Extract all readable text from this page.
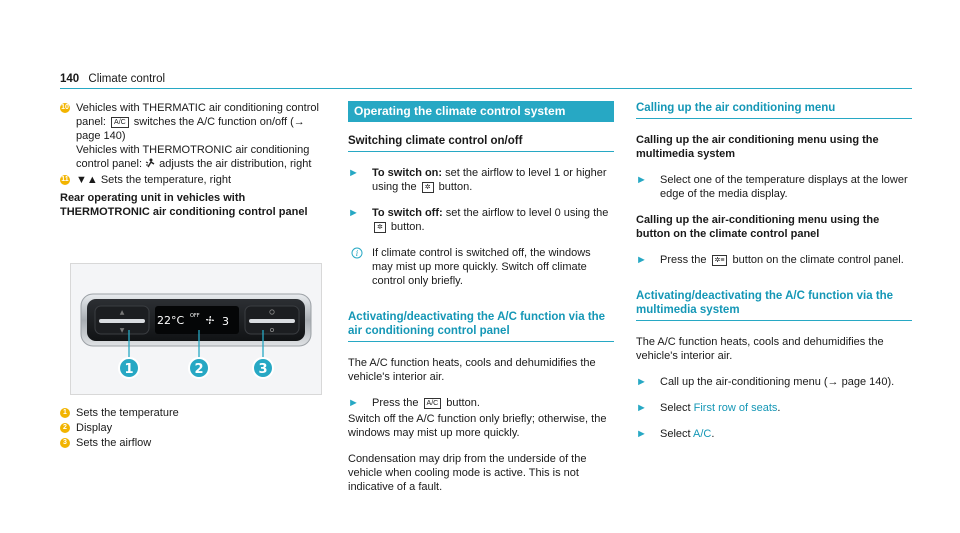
140 Climate control
10 Vehicles with THERMATIC air conditioning control panel: A/C switches the A/C function on/off (→ page 140)
Vehicles with THERMOTRONIC air conditioning control panel:  adjusts the air distribution, right
11 ▼▲ Sets the temperature, right
Rear operating unit in vehicles with THERMOTRONIC air conditioning control panel
▲
▼
22°C OFF 3
1	2	3
1 Sets the temperature
2 Display
3 Sets the airflow
Operating the climate control system
Switching climate control on/off
►	To switch on: set the airflow to level 1 or higher using the ✲ button.
►	To switch off: set the airflow to level 0 using the ✲ button.
i	If climate control is switched off, the windows may mist up more quickly. Switch off climate control only briefly.
Activating/deactivating the A/C function via the air conditioning control panel
The A/C function heats, cools and dehumidifies the vehicle's interior air.
►	Press the A/C button.
Switch off the A/C function only briefly; otherwise, the windows may mist up more quickly.
Condensation may drip from the underside of the vehicle when cooling mode is active. This is not indicative of a fault.
Calling up the air conditioning menu
Calling up the air conditioning menu using the multimedia system
►	Select one of the temperature displays at the lower edge of the media display.
Calling up the air-conditioning menu using the button on the climate control panel
►	Press the ✲≡ button on the climate control panel.
Activating/deactivating the A/C function via the multimedia system
The A/C function heats, cools and dehumidifies the vehicle's interior air.
►	Call up the air-conditioning menu (→ page 140).
►	Select First row of seats.
►	Select A/C.
